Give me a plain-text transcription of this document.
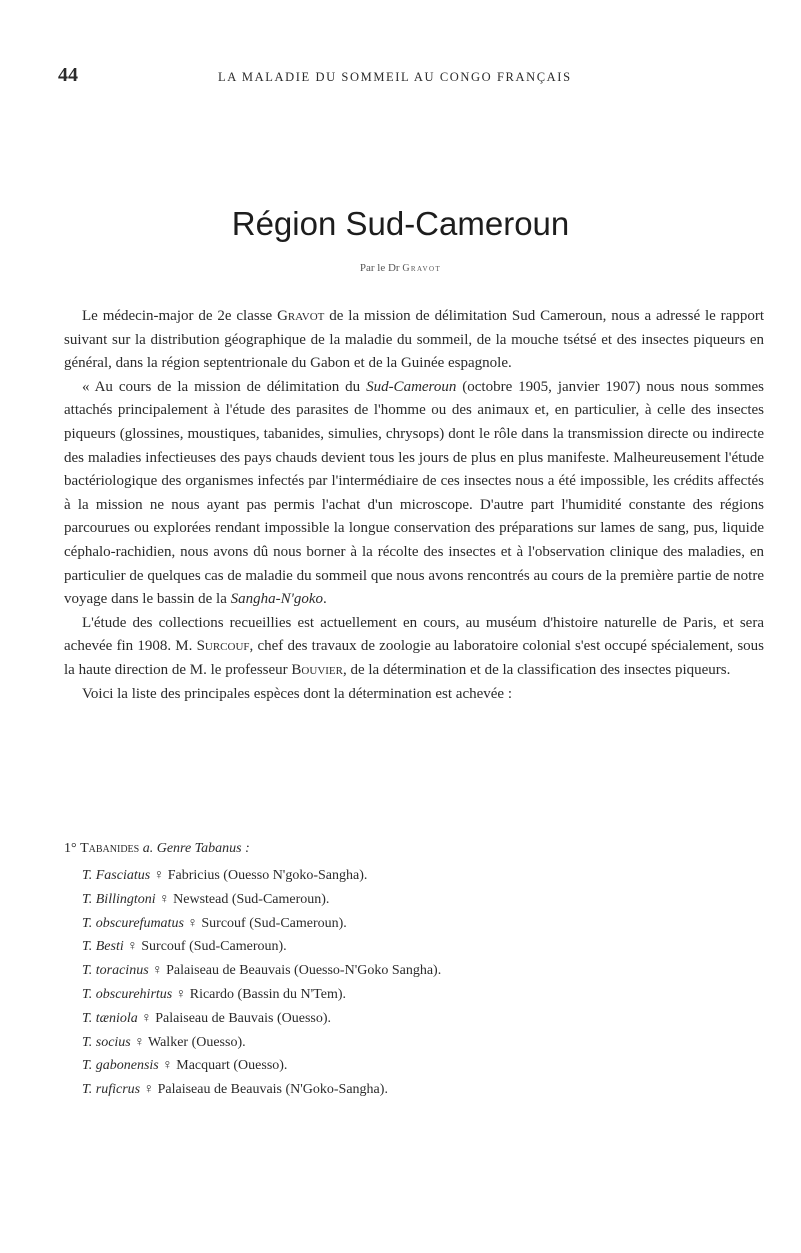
44	LA MALADIE DU SOMMEIL AU CONGO FRANÇAIS
Région Sud-Cameroun
Par le Dr Gravot

Le médecin-major de 2e classe Gravot de la mission de délimitation Sud Cameroun, nous a adressé le rapport suivant sur la distribution géographique de la maladie du sommeil, de la mouche tsétsé et des insectes piqueurs en général, dans la région septentrionale du Gabon et de la Guinée espagnole.

« Au cours de la mission de délimitation du Sud-Cameroun (octobre 1905, janvier 1907) nous nous sommes attachés principalement à l'étude des parasites de l'homme ou des animaux et, en particulier, à celle des insectes piqueurs (glossines, moustiques, tabanides, simulies, chrysops) dont le rôle dans la transmission directe ou indirecte des maladies infectieuses des pays chauds devient tous les jours de plus en plus manifeste. Malheureusement l'étude bactériologique des organismes infectés par l'intermédiaire de ces insectes nous a été impossible, les crédits affectés à la mission ne nous ayant pas permis l'achat d'un microscope. D'autre part l'humidité constante des régions parcourues ou explorées rendant impossible la longue conservation des préparations sur lames de sang, pus, liquide céphalo-rachidien, nous avons dû nous borner à la récolte des insectes et à l'observation clinique des maladies, en particulier de quelques cas de maladie du sommeil que nous avons rencontrés au cours de la première partie de notre voyage dans le bassin de la Sangha-N'goko.

L'étude des collections recueillies est actuellement en cours, au muséum d'histoire naturelle de Paris, et sera achevée fin 1908. M. Surcouf, chef des travaux de zoologie au laboratoire colonial s'est occupé spécialement, sous la haute direction de M. le professeur Bouvier, de la détermination et de la classification des insectes piqueurs.

Voici la liste des principales espèces dont la détermination est achevée :

1° Tabanides a. Genre Tabanus :
T. Fasciatus ♀ Fabricius (Ouesso N'goko-Sangha).
T. Billingtoni ♀ Newstead (Sud-Cameroun).
T. obscurefumatus ♀ Surcouf (Sud-Cameroun).
T. Besti ♀ Surcouf (Sud-Cameroun).
T. toracinus ♀ Palaiseau de Beauvais (Ouesso-N'Goko Sangha).
T. obscurehirtus ♀ Ricardo (Bassin du N'Tem).
T. tæniola ♀ Palaiseau de Bauvais (Ouesso).
T. socius ♀ Walker (Ouesso).
T. gabonensis ♀ Macquart (Ouesso).
T. ruficrus ♀ Palaiseau de Beauvais (N'Goko-Sangha).
